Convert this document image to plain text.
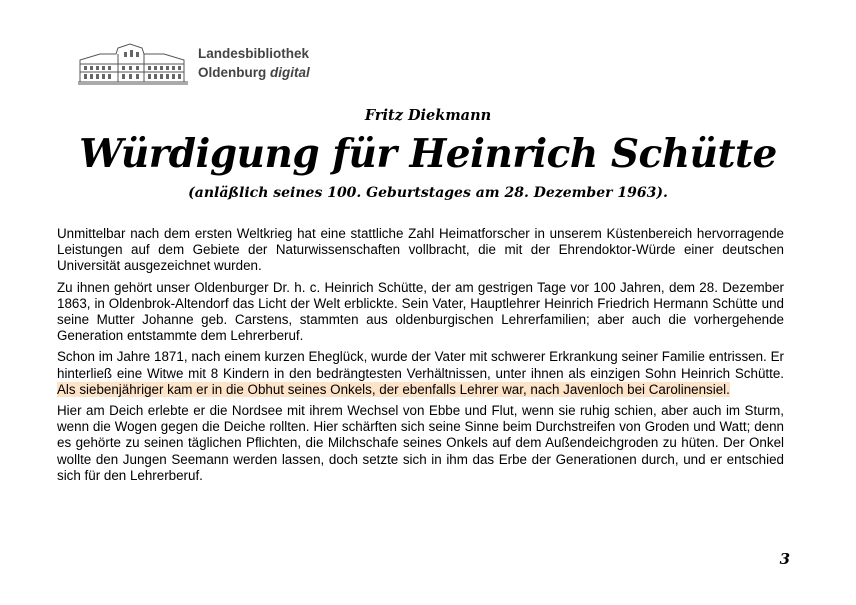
Landesbibliothek
Oldenburg digital
Fritz Diekmann
Würdigung für Heinrich Schütte
(anläßlich seines 100. Geburtstages am 28. Dezember 1963).

Unmittelbar nach dem ersten Weltkrieg hat eine stattliche Zahl Heimatforscher in unserem Küstenbereich hervorragende Leistungen auf dem Gebiete der Naturwissenschaften vollbracht, die mit der Ehrendoktor-Würde einer deutschen Universität ausgezeichnet wurden.

Zu ihnen gehört unser Oldenburger Dr. h. c. Heinrich Schütte, der am gestrigen Tage vor 100 Jahren, dem 28. Dezember 1863, in Oldenbrok-Altendorf das Licht der Welt erblickte. Sein Vater, Hauptlehrer Heinrich Friedrich Hermann Schütte und seine Mutter Johanne geb. Carstens, stammten aus oldenburgischen Lehrerfamilien; aber auch die vorhergehende Generation entstammte dem Lehrerberuf.

Schon im Jahre 1871, nach einem kurzen Eheglück, wurde der Vater mit schwerer Erkrankung seiner Familie entrissen. Er hinterließ eine Witwe mit 8 Kindern in den bedrängtesten Verhältnissen, unter ihnen als einzigen Sohn Heinrich Schütte. Als siebenjähriger kam er in die Obhut seines Onkels, der ebenfalls Lehrer war, nach Javenloch bei Carolinensiel.

Hier am Deich erlebte er die Nordsee mit ihrem Wechsel von Ebbe und Flut, wenn sie ruhig schien, aber auch im Sturm, wenn die Wogen gegen die Deiche rollten. Hier schärften sich seine Sinne beim Durchstreifen von Groden und Watt; denn es gehörte zu seinen täglichen Pflichten, die Milchschafe seines Onkels auf dem Außendeichgroden zu hüten. Der Onkel wollte den Jungen Seemann werden lassen, doch setzte sich in ihm das Erbe der Generationen durch, und er entschied sich für den Lehrerberuf.

3
